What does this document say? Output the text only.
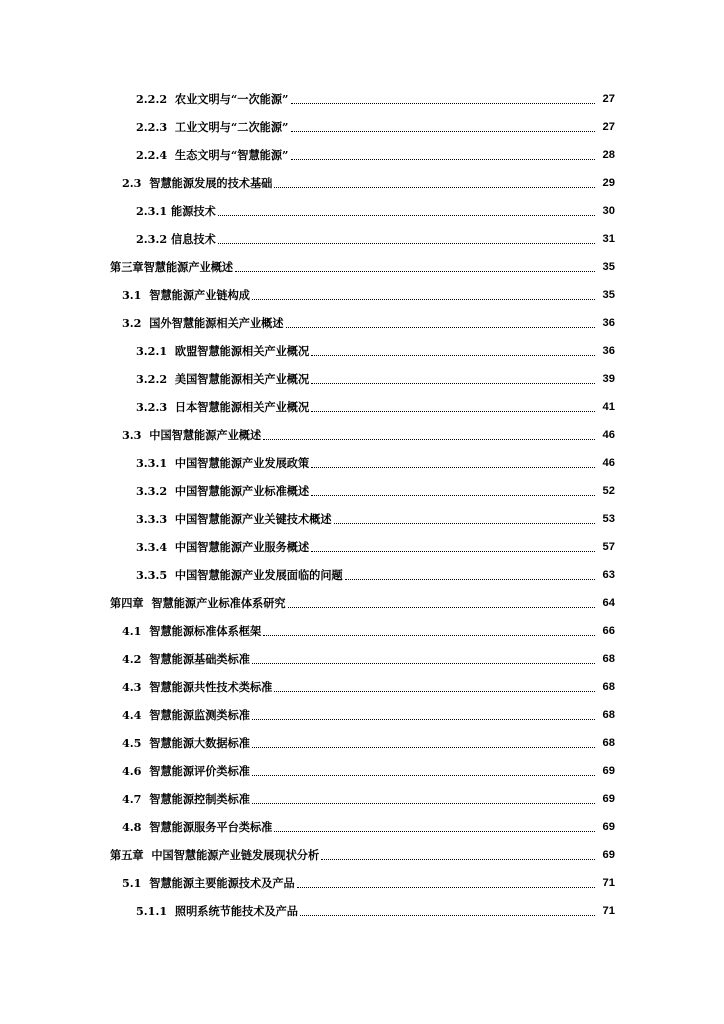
2.2.2  农业文明与“一次能源”	27
2.2.3  工业文明与“二次能源”	27
2.2.4  生态文明与“智慧能源”	28
2.3  智慧能源发展的技术基础	29
2.3.1 能源技术	30
2.3.2 信息技术	31
第三章智慧能源产业概述	35
3.1  智慧能源产业链构成	35
3.2  国外智慧能源相关产业概述	36
3.2.1  欧盟智慧能源相关产业概况	36
3.2.2  美国智慧能源相关产业概况	39
3.2.3  日本智慧能源相关产业概况	41
3.3  中国智慧能源产业概述	46
3.3.1  中国智慧能源产业发展政策	46
3.3.2  中国智慧能源产业标准概述	52
3.3.3  中国智慧能源产业关键技术概述	53
3.3.4  中国智慧能源产业服务概述	57
3.3.5  中国智慧能源产业发展面临的问题	63
第四章  智慧能源产业标准体系研究	64
4.1  智慧能源标准体系框架	66
4.2  智慧能源基础类标准	68
4.3  智慧能源共性技术类标准	68
4.4  智慧能源监测类标准	68
4.5  智慧能源大数据标准	68
4.6  智慧能源评价类标准	69
4.7  智慧能源控制类标准	69
4.8  智慧能源服务平台类标准	69
第五章  中国智慧能源产业链发展现状分析	69
5.1  智慧能源主要能源技术及产品	71
5.1.1  照明系统节能技术及产品	71
